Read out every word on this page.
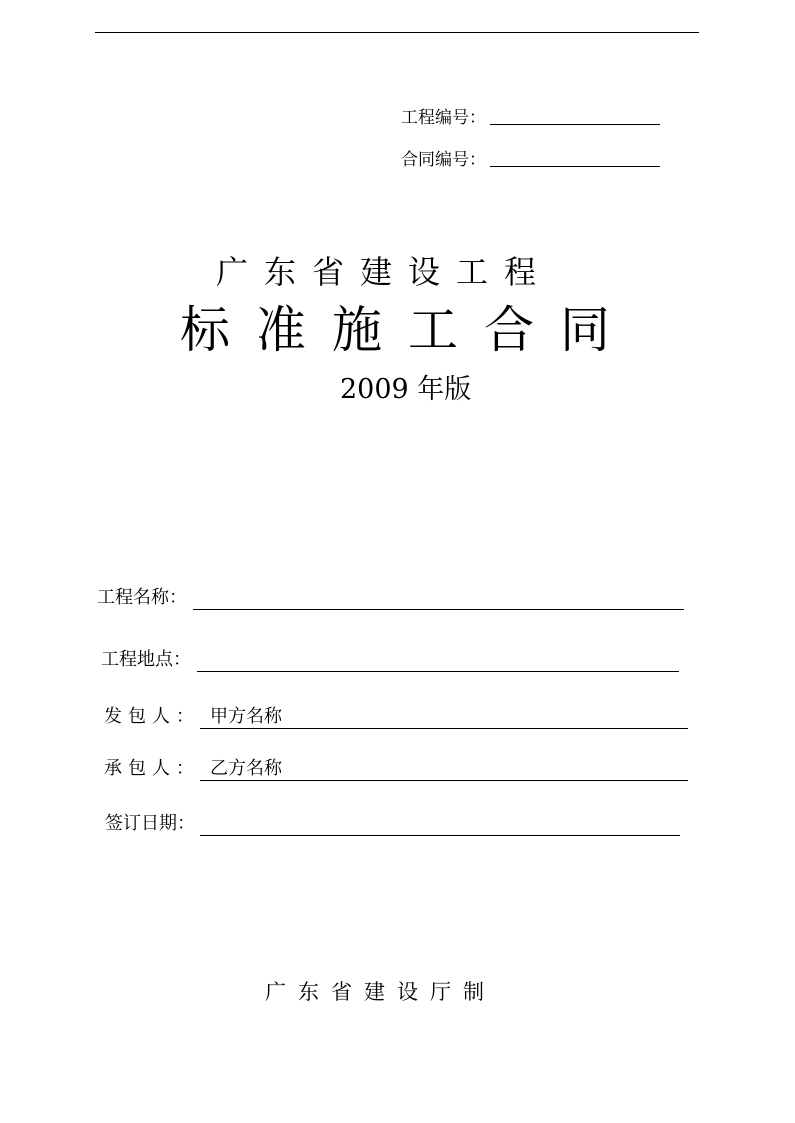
工程编号：
合同编号：
广东省建设工程
标准施工合同
2009 年版
工程名称：
工程地点：
发包人： 甲方名称
承包人： 乙方名称
签订日期：
广东省建设厅制
